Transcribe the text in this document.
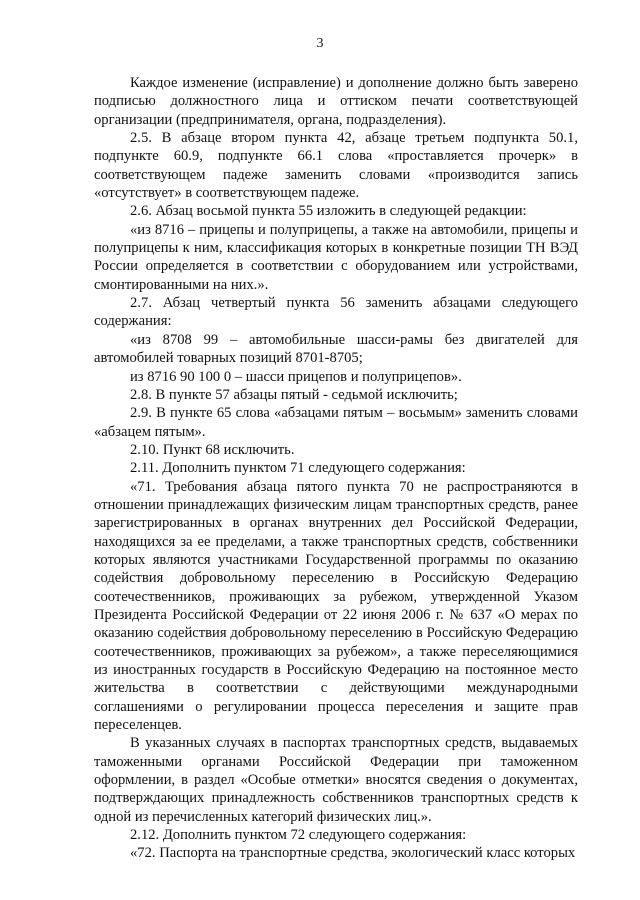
3

Каждое изменение (исправление) и дополнение должно быть заверено подписью должностного лица и оттиском печати соответствующей организации (предпринимателя, органа, подразделения).

2.5. В абзаце втором пункта 42, абзаце третьем подпункта 50.1, подпункте 60.9, подпункте 66.1 слова «проставляется прочерк» в соответствующем падеже заменить словами «производится запись «отсутствует» в соответствующем падеже.

2.6. Абзац восьмой пункта 55 изложить в следующей редакции:

«из 8716 – прицепы и полуприцепы, а также на автомобили, прицепы и полуприцепы к ним, классификация которых в конкретные позиции ТН ВЭД России определяется в соответствии с оборудованием или устройствами, смонтированными на них.».

2.7. Абзац четвертый пункта 56 заменить абзацами следующего содержания:

«из 8708 99 – автомобильные шасси-рамы без двигателей для автомобилей товарных позиций 8701-8705;

из 8716 90 100 0 – шасси прицепов и полуприцепов».

2.8. В пункте 57 абзацы пятый - седьмой исключить;

2.9. В пункте 65 слова «абзацами пятым – восьмым» заменить словами «абзацем пятым».

2.10. Пункт 68 исключить.

2.11. Дополнить пунктом 71 следующего содержания:

«71. Требования абзаца пятого пункта 70 не распространяются в отношении принадлежащих физическим лицам транспортных средств, ранее зарегистрированных в органах внутренних дел Российской Федерации, находящихся за ее пределами, а также транспортных средств, собственники которых являются участниками Государственной программы по оказанию содействия добровольному переселению в Российскую Федерацию соотечественников, проживающих за рубежом, утвержденной Указом Президента Российской Федерации от 22 июня 2006 г. № 637 «О мерах по оказанию содействия добровольному переселению в Российскую Федерацию соотечественников, проживающих за рубежом», а также переселяющимися из иностранных государств в Российскую Федерацию на постоянное место жительства в соответствии с действующими международными соглашениями о регулировании процесса переселения и защите прав переселенцев.

В указанных случаях в паспортах транспортных средств, выдаваемых таможенными органами Российской Федерации при таможенном оформлении, в раздел «Особые отметки» вносятся сведения о документах, подтверждающих принадлежность собственников транспортных средств к одной из перечисленных категорий физических лиц.».

2.12. Дополнить пунктом 72 следующего содержания:

«72. Паспорта на транспортные средства, экологический класс которых
